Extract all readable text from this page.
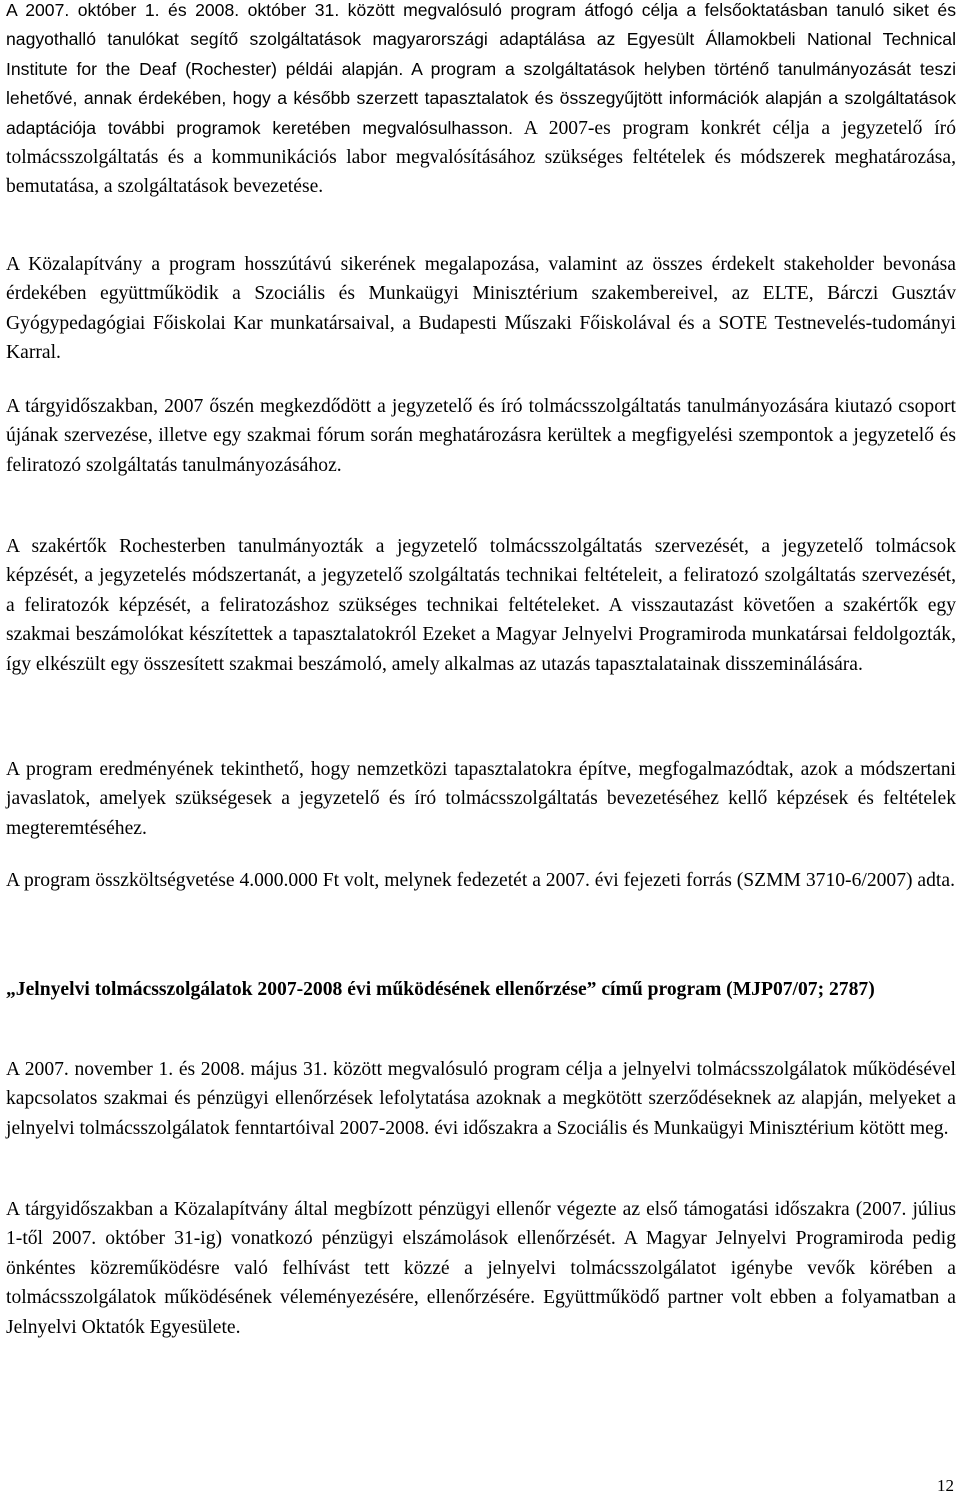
A 2007. október 1. és 2008. október 31. között megvalósuló program átfogó célja a felsőoktatásban tanuló siket és nagyothalló tanulókat segítő szolgáltatások magyarországi adaptálása az Egyesült Államokbeli National Technical Institute for the Deaf (Rochester) példái alapján. A program a szolgáltatások helyben történő tanulmányozását teszi lehetővé, annak érdekében, hogy a később szerzett tapasztalatok és összegyűjtött információk alapján a szolgáltatások adaptációja további programok keretében megvalósulhasson. A 2007-es program konkrét célja a jegyzetelő író tolmácsszolgáltatás és a kommunikációs labor megvalósításához szükséges feltételek és módszerek meghatározása, bemutatása, a szolgáltatások bevezetése.

A Közalapítvány a program hosszútávú sikerének megalapozása, valamint az összes érdekelt stakeholder bevonása érdekében együttműködik a Szociális és Munkaügyi Minisztérium szakembereivel, az ELTE, Bárczi Gusztáv Gyógypedagógiai Főiskolai Kar munkatársaival, a Budapesti Műszaki Főiskolával és a SOTE Testnevelés-tudományi Karral.

A tárgyidőszakban, 2007 őszén megkezdődött a jegyzetelő és író tolmácsszolgáltatás tanulmányozására kiutazó csoport újának szervezése, illetve egy szakmai fórum során meghatározásra kerültek a megfigyelési szempontok a jegyzetelő és feliratozó szolgáltatás tanulmányozásához.

A szakértők Rochesterben tanulmányozták a jegyzetelő tolmácsszolgáltatás szervezését, a jegyzetelő tolmácsok képzését, a jegyzetelés módszertanát, a jegyzetelő szolgáltatás technikai feltételeit, a feliratozó szolgáltatás szervezését, a feliratozók képzését, a feliratozáshoz szükséges technikai feltételeket. A visszautazást követően a szakértők egy szakmai beszámolókat készítettek a tapasztalatokról Ezeket a Magyar Jelnyelvi Programiroda munkatársai feldolgozták, így elkészült egy összesített szakmai beszámoló, amely alkalmas az utazás tapasztalatainak disszeminálására.

A program eredményének tekinthető, hogy nemzetközi tapasztalatokra építve, megfogalmazódtak, azok a módszertani javaslatok, amelyek szükségesek a jegyzetelő és író tolmácsszolgáltatás bevezetéséhez kellő képzések és feltételek megteremtéséhez.

A program összköltségvetése 4.000.000 Ft volt, melynek fedezetét a 2007. évi fejezeti forrás (SZMM 3710-6/2007) adta.

„Jelnyelvi tolmácsszolgálatok 2007-2008 évi működésének ellenőrzése” című program (MJP07/07; 2787)

A 2007. november 1. és 2008. május 31. között megvalósuló program célja a jelnyelvi tolmácsszolgálatok működésével kapcsolatos szakmai és pénzügyi ellenőrzések lefolytatása azoknak a megkötött szerződéseknek az alapján, melyeket a jelnyelvi tolmácsszolgálatok fenntartóival 2007-2008. évi időszakra a Szociális és Munkaügyi Minisztérium kötött meg.

A tárgyidőszakban a Közalapítvány által megbízott pénzügyi ellenőr végezte az első támogatási időszakra (2007. július 1-től 2007. október 31-ig) vonatkozó pénzügyi elszámolások ellenőrzését. A Magyar Jelnyelvi Programiroda pedig önkéntes közreműködésre való felhívást tett közzé a jelnyelvi tolmácsszolgálatot igénybe vevők körében a tolmácsszolgálatok működésének véleményezésére, ellenőrzésére. Együttműködő partner volt ebben a folyamatban a Jelnyelvi Oktatók Egyesülete.

12
